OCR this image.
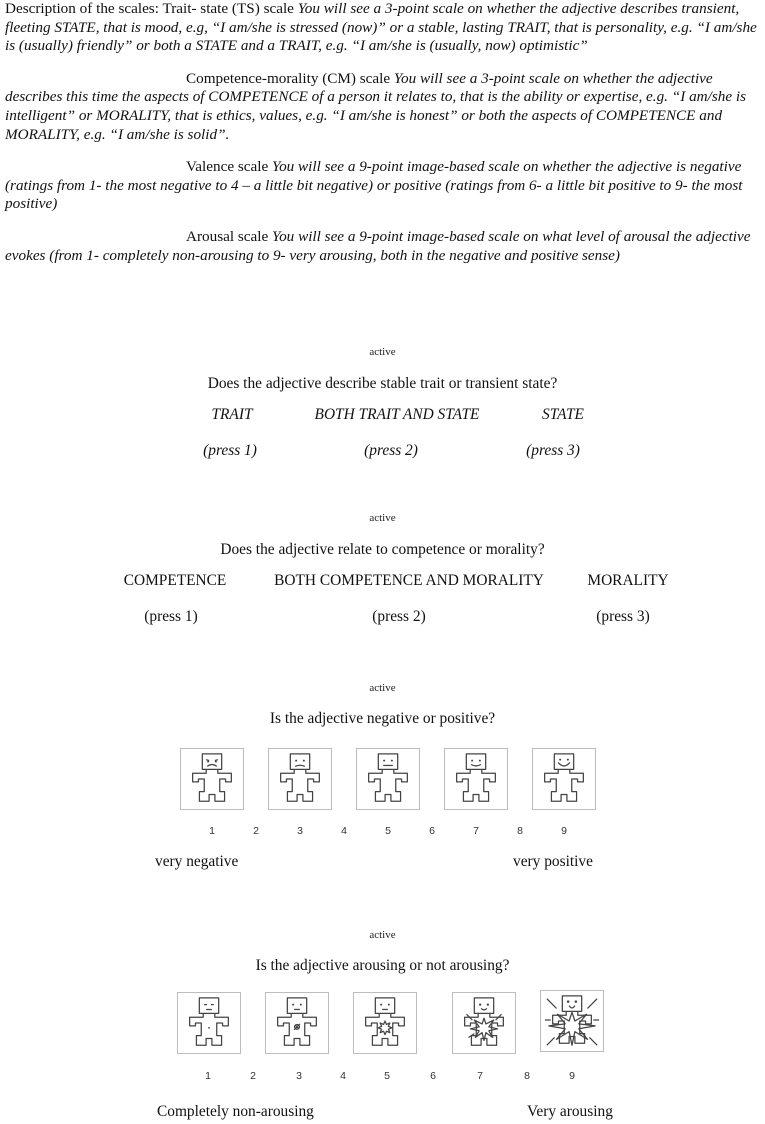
Description of the scales: Trait- state (TS) scale You will see a 3-point scale on whether the adjective describes transient, fleeting STATE, that is mood, e.g, “I am/she is stressed (now)” or a stable, lasting TRAIT, that is personality, e.g. “I am/she is (usually) friendly” or both a STATE and a TRAIT, e.g. “I am/she is (usually, now) optimistic”

Competence-morality (CM) scale You will see a 3-point scale on whether the adjective describes this time the aspects of COMPETENCE of a person it relates to, that is the ability or expertise, e.g. “I am/she is intelligent” or MORALITY, that is ethics, values, e.g. “I am/she is honest” or both the aspects of COMPETENCE and MORALITY, e.g. “I am/she is solid”.

Valence scale You will see a 9-point image-based scale on whether the adjective is negative (ratings from 1- the most negative to 4 – a little bit negative) or positive (ratings from 6- a little bit positive to 9- the most positive)

Arousal scale You will see a 9-point image-based scale on what level of arousal the adjective evokes (from 1- completely non-arousing to 9- very arousing, both in the negative and positive sense)

active
Does the adjective describe stable trait or transient state?
TRAIT	BOTH TRAIT AND STATE	STATE
(press 1)	(press 2)	(press 3)
active
Does the adjective relate to competence or morality?
COMPETENCE	BOTH COMPETENCE AND MORALITY	MORALITY
(press 1)	(press 2)	(press 3)
active
Is the adjective negative or positive?
1	2	3	4	5	6	7	8	9
very negative	very positive
active
Is the adjective arousing or not arousing?
1	2	3	4	5	6	7	8	9
Completely non-arousing	Very arousing
